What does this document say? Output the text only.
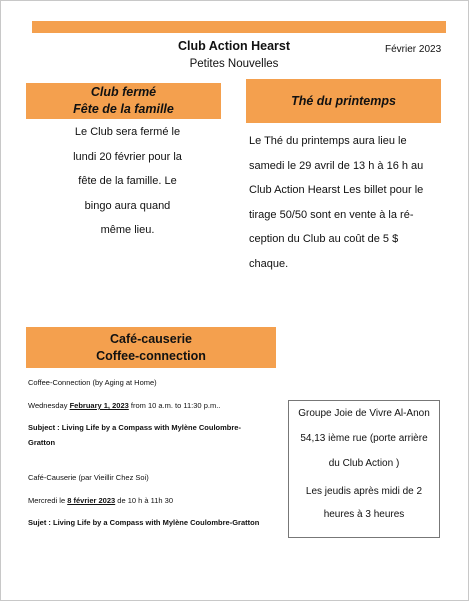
Club Action Hearst
Petites Nouvelles
Février 2023
Club fermé
Fête de la famille
Le Club sera fermé le
lundi 20 février pour la
fête de la famille. Le
bingo aura quand
même lieu.
Thé du printemps
Le Thé du printemps aura lieu le
samedi le 29 avril de 13 h à 16 h au
Club Action Hearst Les billet pour le
tirage 50/50 sont en vente à la ré-
ception du Club au coût de 5 $
chaque.
Café-causerie
Coffee-connection
Coffee-Connection (by Aging at Home)
Wednesday February 1, 2023 from 10 a.m. to 11:30 p.m..
Subject : Living Life by a Compass with Mylène Coulombre-
Gratton
Café-Causerie (par Vieillir Chez Soi)
Mercredi le 8 février 2023 de 10 h à 11h 30
Sujet : Living Life by a Compass with Mylène Coulombre-Gratton
Groupe Joie de Vivre Al-Anon
54,13 ième rue (porte arrière
du Club Action )
Les jeudis après midi de 2
heures à 3 heures
